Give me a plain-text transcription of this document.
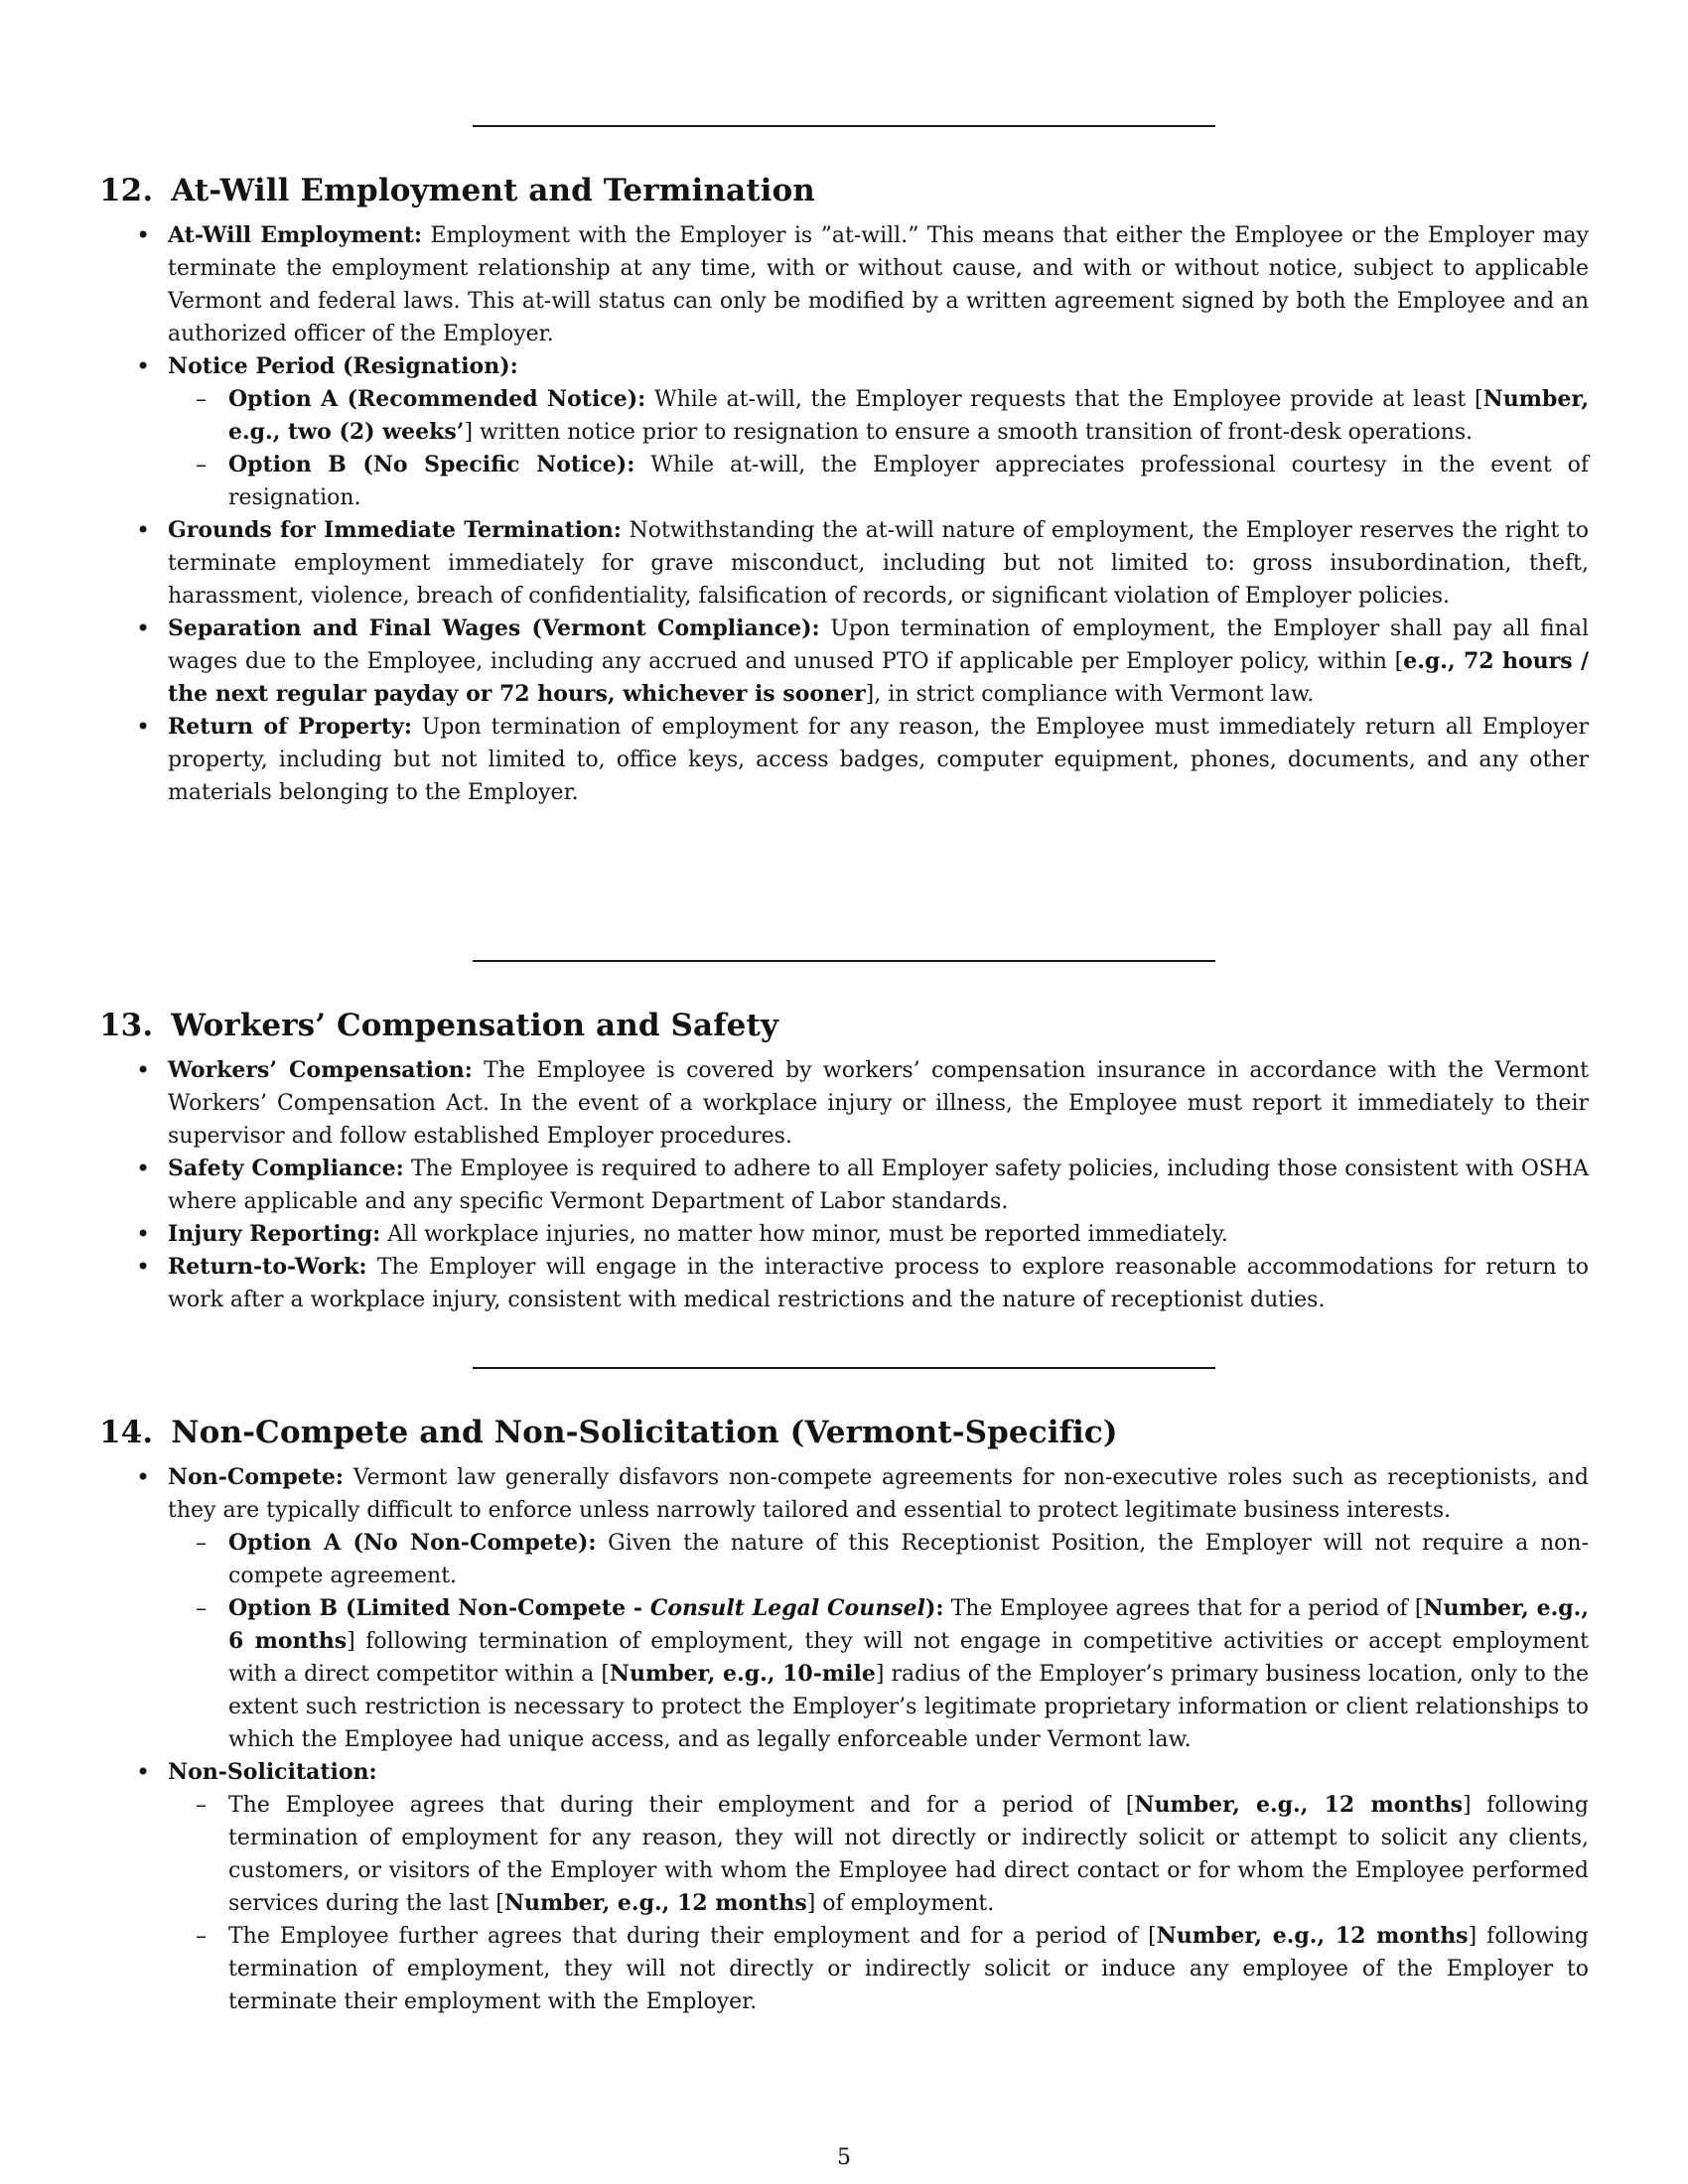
12. At-Will Employment and Termination
• At-Will Employment: Employment with the Employer is ”at-will.” This means that either the Employee or the Employer may terminate the employment relationship at any time, with or without cause, and with or without notice, subject to applicable Vermont and federal laws. This at-will status can only be modified by a written agreement signed by both the Employee and an authorized officer of the Employer.
• Notice Period (Resignation):
– Option A (Recommended Notice): While at-will, the Employer requests that the Employee provide at least [Number, e.g., two (2) weeks’] written notice prior to resignation to ensure a smooth transition of front-desk operations.
– Option B (No Specific Notice): While at-will, the Employer appreciates professional courtesy in the event of resignation.
• Grounds for Immediate Termination: Notwithstanding the at-will nature of employment, the Employer reserves the right to terminate employment immediately for grave misconduct, including but not limited to: gross insubordination, theft, harassment, violence, breach of confidentiality, falsification of records, or significant violation of Employer policies.
• Separation and Final Wages (Vermont Compliance): Upon termination of employment, the Employer shall pay all final wages due to the Employee, including any accrued and unused PTO if applicable per Employer policy, within [e.g., 72 hours / the next regular payday or 72 hours, whichever is sooner], in strict compliance with Vermont law.
• Return of Property: Upon termination of employment for any reason, the Employee must immediately return all Employer property, including but not limited to, office keys, access badges, computer equipment, phones, documents, and any other materials belonging to the Employer.
13. Workers’ Compensation and Safety
• Workers’ Compensation: The Employee is covered by workers’ compensation insurance in accordance with the Vermont Workers’ Compensation Act. In the event of a workplace injury or illness, the Employee must report it immediately to their supervisor and follow established Employer procedures.
• Safety Compliance: The Employee is required to adhere to all Employer safety policies, including those consistent with OSHA where applicable and any specific Vermont Department of Labor standards.
• Injury Reporting: All workplace injuries, no matter how minor, must be reported immediately.
• Return-to-Work: The Employer will engage in the interactive process to explore reasonable accommodations for return to work after a workplace injury, consistent with medical restrictions and the nature of receptionist duties.
14. Non-Compete and Non-Solicitation (Vermont-Specific)
• Non-Compete: Vermont law generally disfavors non-compete agreements for non-executive roles such as receptionists, and they are typically difficult to enforce unless narrowly tailored and essential to protect legitimate business interests.
– Option A (No Non-Compete): Given the nature of this Receptionist Position, the Employer will not require a non-compete agreement.
– Option B (Limited Non-Compete - Consult Legal Counsel): The Employee agrees that for a period of [Number, e.g., 6 months] following termination of employment, they will not engage in competitive activities or accept employment with a direct competitor within a [Number, e.g., 10-mile] radius of the Employer’s primary business location, only to the extent such restriction is necessary to protect the Employer’s legitimate proprietary information or client relationships to which the Employee had unique access, and as legally enforceable under Vermont law.
• Non-Solicitation:
– The Employee agrees that during their employment and for a period of [Number, e.g., 12 months] following termination of employment for any reason, they will not directly or indirectly solicit or attempt to solicit any clients, customers, or visitors of the Employer with whom the Employee had direct contact or for whom the Employee performed services during the last [Number, e.g., 12 months] of employment.
– The Employee further agrees that during their employment and for a period of [Number, e.g., 12 months] following termination of employment, they will not directly or indirectly solicit or induce any employee of the Employer to terminate their employment with the Employer.
5
